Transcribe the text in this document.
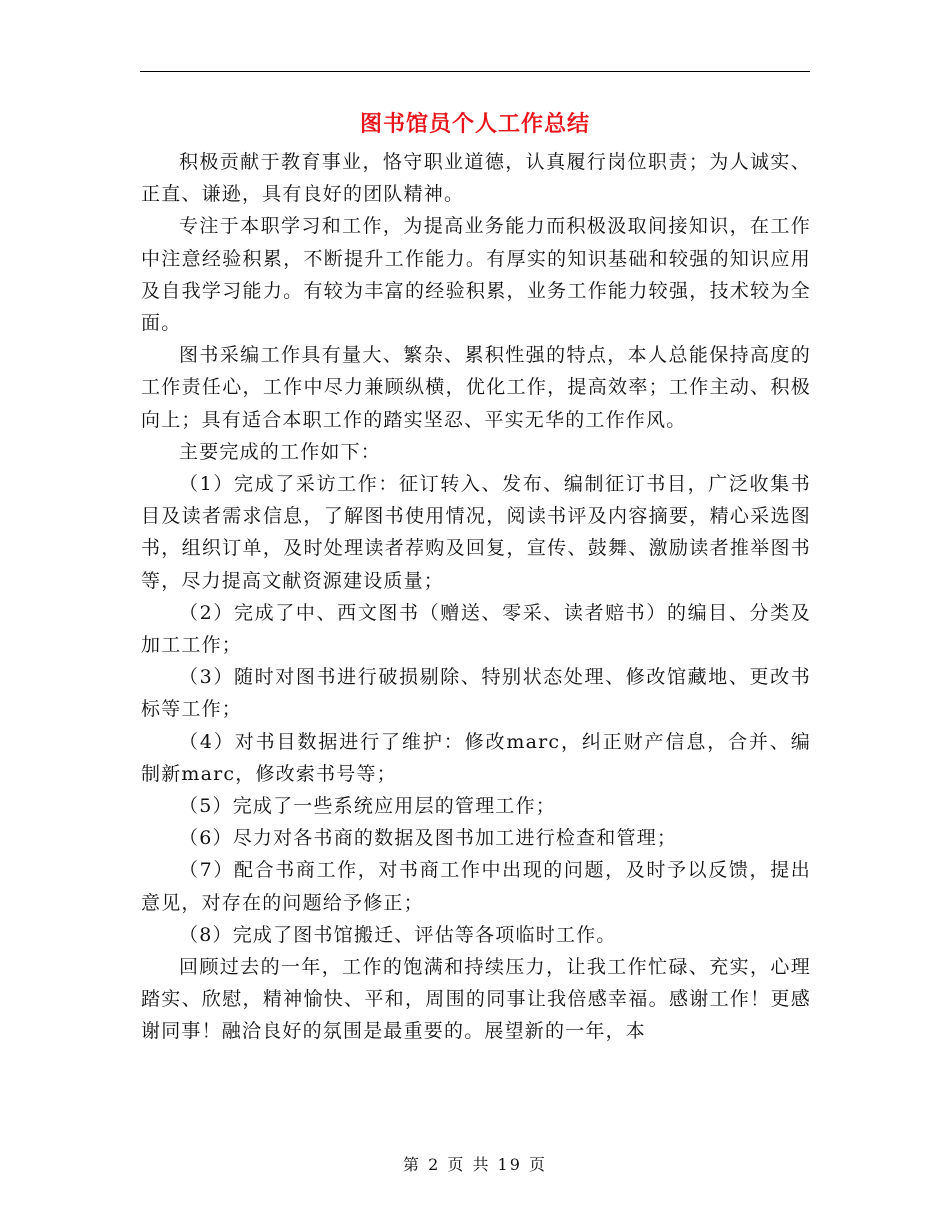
图书馆员个人工作总结

积极贡献于教育事业，恪守职业道德，认真履行岗位职责；为人诚实、正直、谦逊，具有良好的团队精神。

专注于本职学习和工作，为提高业务能力而积极汲取间接知识，在工作中注意经验积累，不断提升工作能力。有厚实的知识基础和较强的知识应用及自我学习能力。有较为丰富的经验积累，业务工作能力较强，技术较为全面。

图书采编工作具有量大、繁杂、累积性强的特点，本人总能保持高度的工作责任心，工作中尽力兼顾纵横，优化工作，提高效率；工作主动、积极向上；具有适合本职工作的踏实坚忍、平实无华的工作作风。

主要完成的工作如下：

（1）完成了采访工作：征订转入、发布、编制征订书目，广泛收集书目及读者需求信息，了解图书使用情况，阅读书评及内容摘要，精心采选图书，组织订单，及时处理读者荐购及回复，宣传、鼓舞、激励读者推举图书等，尽力提高文献资源建设质量；

（2）完成了中、西文图书（赠送、零采、读者赔书）的编目、分类及加工工作；

（3）随时对图书进行破损剔除、特别状态处理、修改馆藏地、更改书标等工作；

（4）对书目数据进行了维护：修改marc，纠正财产信息，合并、编制新marc，修改索书号等；

（5）完成了一些系统应用层的管理工作；

（6）尽力对各书商的数据及图书加工进行检查和管理；

（7）配合书商工作，对书商工作中出现的问题，及时予以反馈，提出意见，对存在的问题给予修正；

（8）完成了图书馆搬迁、评估等各项临时工作。

回顾过去的一年，工作的饱满和持续压力，让我工作忙碌、充实，心理踏实、欣慰，精神愉快、平和，周围的同事让我倍感幸福。感谢工作！更感谢同事！融洽良好的氛围是最重要的。展望新的一年，本

第 2 页 共 19 页
